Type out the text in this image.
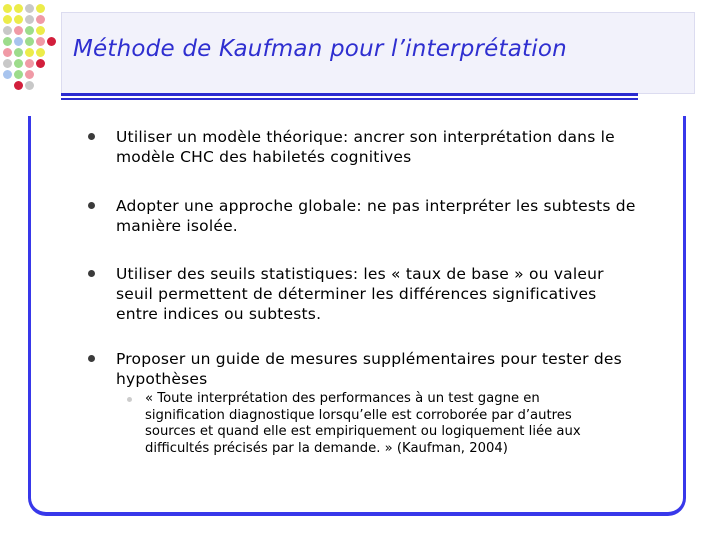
Méthode de Kaufman pour l’interprétation
Utiliser un modèle théorique: ancrer son interprétation dans le
modèle CHC des habiletés cognitives
Adopter une approche globale: ne pas interpréter les subtests de
manière isolée.
Utiliser des seuils statistiques: les « taux de base » ou valeur
seuil permettent de déterminer les différences significatives
entre indices ou subtests.
Proposer un guide de mesures supplémentaires pour tester des
hypothèses
« Toute interprétation des performances à un test gagne en
signification diagnostique lorsqu’elle est corroborée par d’autres
sources et quand elle est empiriquement ou logiquement liée aux
difficultés précisés par la demande. » (Kaufman, 2004)
